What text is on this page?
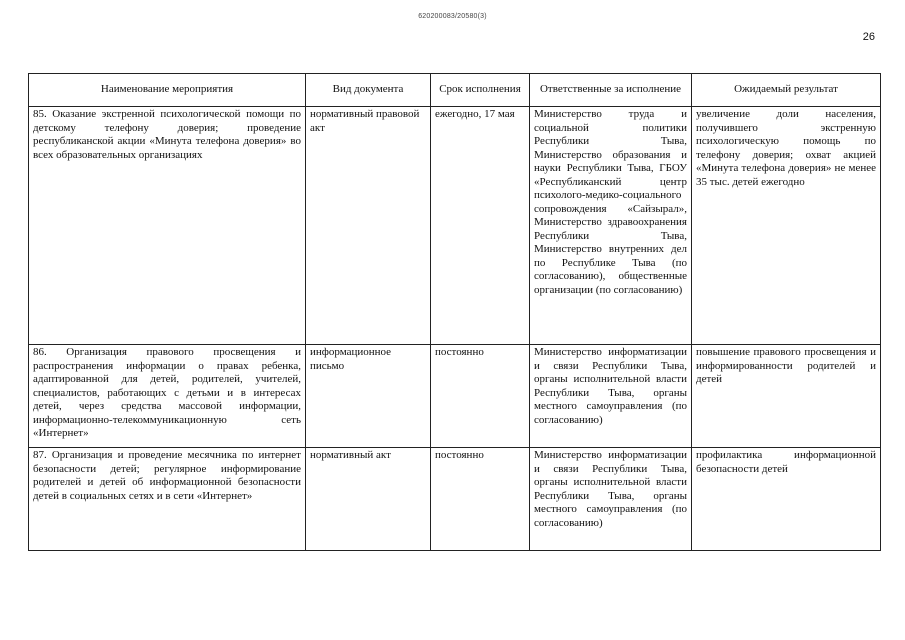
620200083/20580(3)
26
Наименование мероприятия	Вид документа	Срок исполнения	Ответственные за исполнение	Ожидаемый результат

85. Оказание экстренной психологической помощи по детскому телефону доверия; проведение республиканской акции «Минута телефона доверия» во всех образовательных организациях	нормативный правовой акт	ежегодно, 17 мая	Министерство труда и социальной политики Республики Тыва, Министерство образования и науки Республики Тыва, ГБОУ «Республиканский центр психолого-медико-социального сопровождения «Сайзырал», Министерство здравоохранения Республики Тыва, Министерство внутренних дел по Республике Тыва (по согласованию), общественные организации (по согласованию)	увеличение доли населения, получившего экстренную психологическую помощь по телефону доверия; охват акцией «Минута телефона доверия» не менее 35 тыс. детей ежегодно
86. Организация правового просвещения и распространения информации о правах ребенка, адаптированной для детей, родителей, учителей, специалистов, работающих с детьми и в интересах детей, через средства массовой информации, информационно-телекоммуникационную сеть «Интернет»	информационное письмо	постоянно	Министерство информатизации и связи Республики Тыва, органы исполнительной власти Республики Тыва, органы местного самоуправления (по согласованию)	повышение правового просвещения и информированности родителей и детей
87. Организация и проведение месячника по интернет безопасности детей; регулярное информирование родителей и детей об информационной безопасности детей в социальных сетях и в сети «Интернет»	нормативный акт	постоянно	Министерство информатизации и связи Республики Тыва, органы исполнительной власти Республики Тыва, органы местного самоуправления (по согласованию)	профилактика информационной безопасности детей
